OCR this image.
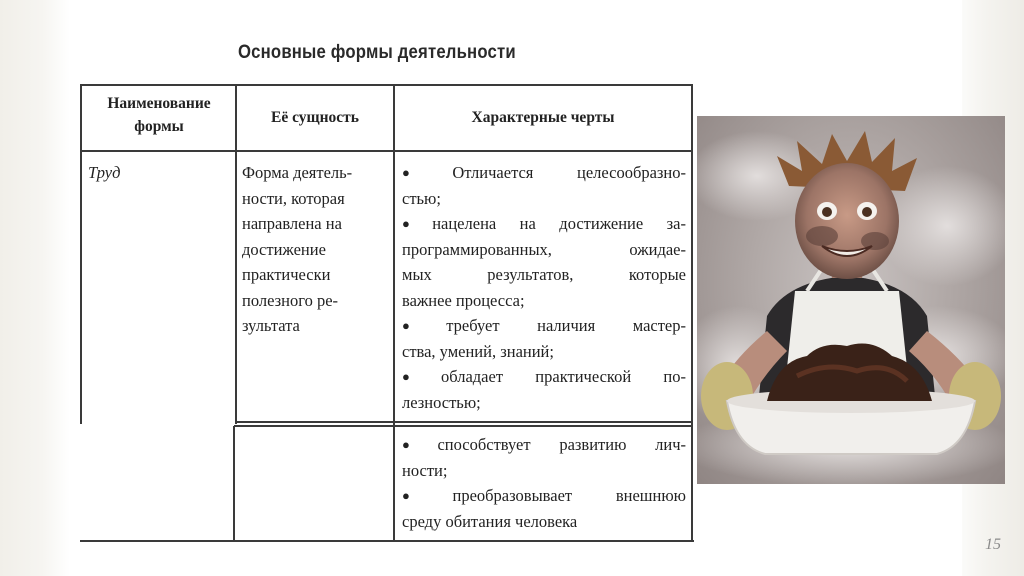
Основные формы деятельности
Наименование
формы
Её сущность	Характерные черты
Труд	Форма деятель-
ности, которая
направлена на
достижение
практически
полезного ре-
зультата
● Отличается целесообразно-
стью;
● нацелена на достижение за-
программированных, ожидае-
мых результатов, которые
важнее процесса;
● требует наличия мастер-
ства, умений, знаний;
● обладает практической по-
лезностью;
● способствует развитию лич-
ности;
● преобразовывает внешнюю
среду обитания человека
15
